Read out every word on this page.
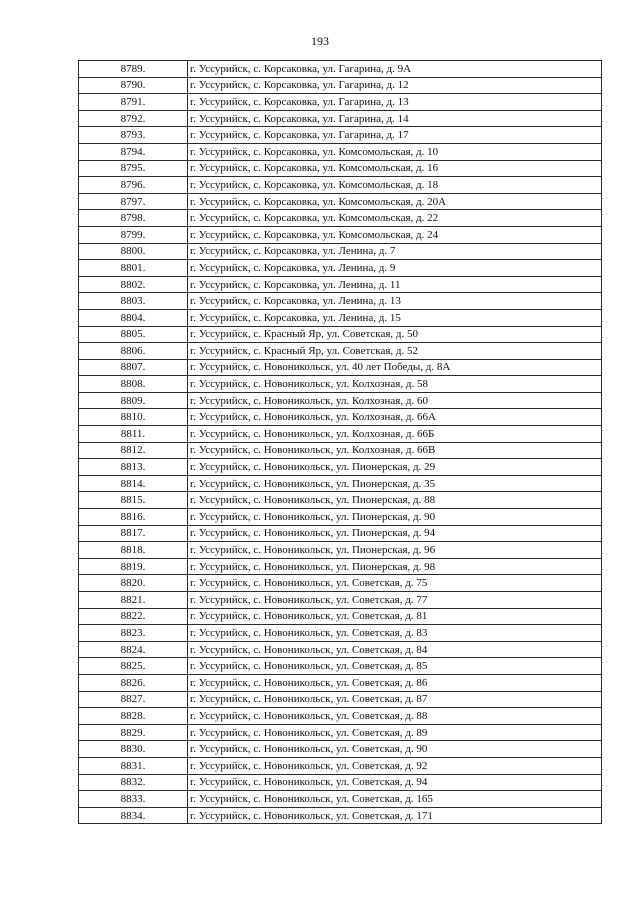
193
8789.	г. Уссурийск, с. Корсаковка, ул. Гагарина, д. 9А
8790.	г. Уссурийск, с. Корсаковка, ул. Гагарина, д. 12
8791.	г. Уссурийск, с. Корсаковка, ул. Гагарина, д. 13
8792.	г. Уссурийск, с. Корсаковка, ул. Гагарина, д. 14
8793.	г. Уссурийск, с. Корсаковка, ул. Гагарина, д. 17
8794.	г. Уссурийск, с. Корсаковка, ул. Комсомольская, д. 10
8795.	г. Уссурийск, с. Корсаковка, ул. Комсомольская, д. 16
8796.	г. Уссурийск, с. Корсаковка, ул. Комсомольская, д. 18
8797.	г. Уссурийск, с. Корсаковка, ул. Комсомольская, д. 20А
8798.	г. Уссурийск, с. Корсаковка, ул. Комсомольская, д. 22
8799.	г. Уссурийск, с. Корсаковка, ул. Комсомольская, д. 24
8800.	г. Уссурийск, с. Корсаковка, ул. Ленина, д. 7
8801.	г. Уссурийск, с. Корсаковка, ул. Ленина, д. 9
8802.	г. Уссурийск, с. Корсаковка, ул. Ленина, д. 11
8803.	г. Уссурийск, с. Корсаковка, ул. Ленина, д. 13
8804.	г. Уссурийск, с. Корсаковка, ул. Ленина, д. 15
8805.	г. Уссурийск, с. Красный Яр, ул. Советская, д. 50
8806.	г. Уссурийск, с. Красный Яр, ул. Советская, д. 52
8807.	г. Уссурийск, с. Новоникольск, ул. 40 лет Победы, д. 8А
8808.	г. Уссурийск, с. Новоникольск, ул. Колхозная, д. 58
8809.	г. Уссурийск, с. Новоникольск, ул. Колхозная, д. 60
8810.	г. Уссурийск, с. Новоникольск, ул. Колхозная, д. 66А
8811.	г. Уссурийск, с. Новоникольск, ул. Колхозная, д. 66Б
8812.	г. Уссурийск, с. Новоникольск, ул. Колхозная, д. 66В
8813.	г. Уссурийск, с. Новоникольск, ул. Пионерская, д. 29
8814.	г. Уссурийск, с. Новоникольск, ул. Пионерская, д. 35
8815.	г. Уссурийск, с. Новоникольск, ул. Пионерская, д. 88
8816.	г. Уссурийск, с. Новоникольск, ул. Пионерская, д. 90
8817.	г. Уссурийск, с. Новоникольск, ул. Пионерская, д. 94
8818.	г. Уссурийск, с. Новоникольск, ул. Пионерская, д. 96
8819.	г. Уссурийск, с. Новоникольск, ул. Пионерская, д. 98
8820.	г. Уссурийск, с. Новоникольск, ул. Советская, д. 75
8821.	г. Уссурийск, с. Новоникольск, ул. Советская, д. 77
8822.	г. Уссурийск, с. Новоникольск, ул. Советская, д. 81
8823.	г. Уссурийск, с. Новоникольск, ул. Советская, д. 83
8824.	г. Уссурийск, с. Новоникольск, ул. Советская, д. 84
8825.	г. Уссурийск, с. Новоникольск, ул. Советская, д. 85
8826.	г. Уссурийск, с. Новоникольск, ул. Советская, д. 86
8827.	г. Уссурийск, с. Новоникольск, ул. Советская, д. 87
8828.	г. Уссурийск, с. Новоникольск, ул. Советская, д. 88
8829.	г. Уссурийск, с. Новоникольск, ул. Советская, д. 89
8830.	г. Уссурийск, с. Новоникольск, ул. Советская, д. 90
8831.	г. Уссурийск, с. Новоникольск, ул. Советская, д. 92
8832.	г. Уссурийск, с. Новоникольск, ул. Советская, д. 94
8833.	г. Уссурийск, с. Новоникольск, ул. Советская, д. 165
8834.	г. Уссурийск, с. Новоникольск, ул. Советская, д. 171
